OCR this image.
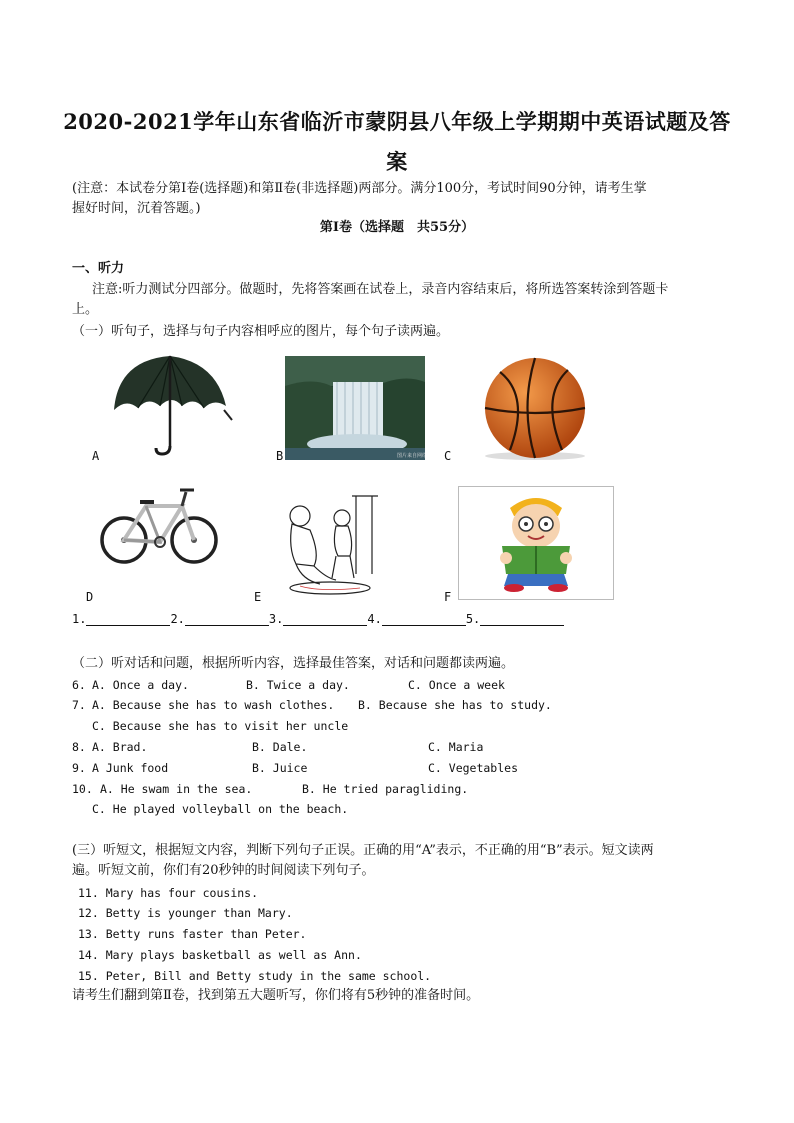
2020-2021学年山东省临沂市蒙阴县八年级上学期期中英语试题及答
案
(注意：本试卷分第Ⅰ卷(选择题)和第Ⅱ卷(非选择题)两部分。满分100分，考试时间90分钟，请考生掌
握好时间，沉着答题。)
第Ⅰ卷（选择题　共55分）
一、听力
注意:听力测试分四部分。做题时，先将答案画在试卷上，录音内容结束后，将所选答案转涂到答题卡
上。
（一）听句子，选择与句子内容相呼应的图片，每个句子读两遍。
A	图片来自网络
B	C
D	E	F
1.	2.	3.	4.	5.
（二）听对话和问题，根据所听内容，选择最佳答案，对话和问题都读两遍。
6. A. Once a day.	B. Twice a day.	C. Once a week
7. A. Because she has to wash clothes. B. Because she has to study.
C. Because she has to visit her uncle
8. A. Brad.	B. Dale.	C. Maria
9. A Junk food	B. Juice	C. Vegetables
10. A. He swam in the sea.	B. He tried paragliding.
C. He played volleyball on the beach.
(三）听短文，根据短文内容，判断下列句子正误。正确的用“A”表示，不正确的用“B”表示。短文读两
遍。听短文前，你们有20秒钟的时间阅读下列句子。
11. Mary has four cousins.
12. Betty is younger than Mary.
13. Betty runs faster than Peter.
14. Mary plays basketball as well as Ann.
15. Peter, Bill and Betty study in the same school.
请考生们翻到第Ⅱ卷，找到第五大题听写，你们将有5秒钟的准备时间。
